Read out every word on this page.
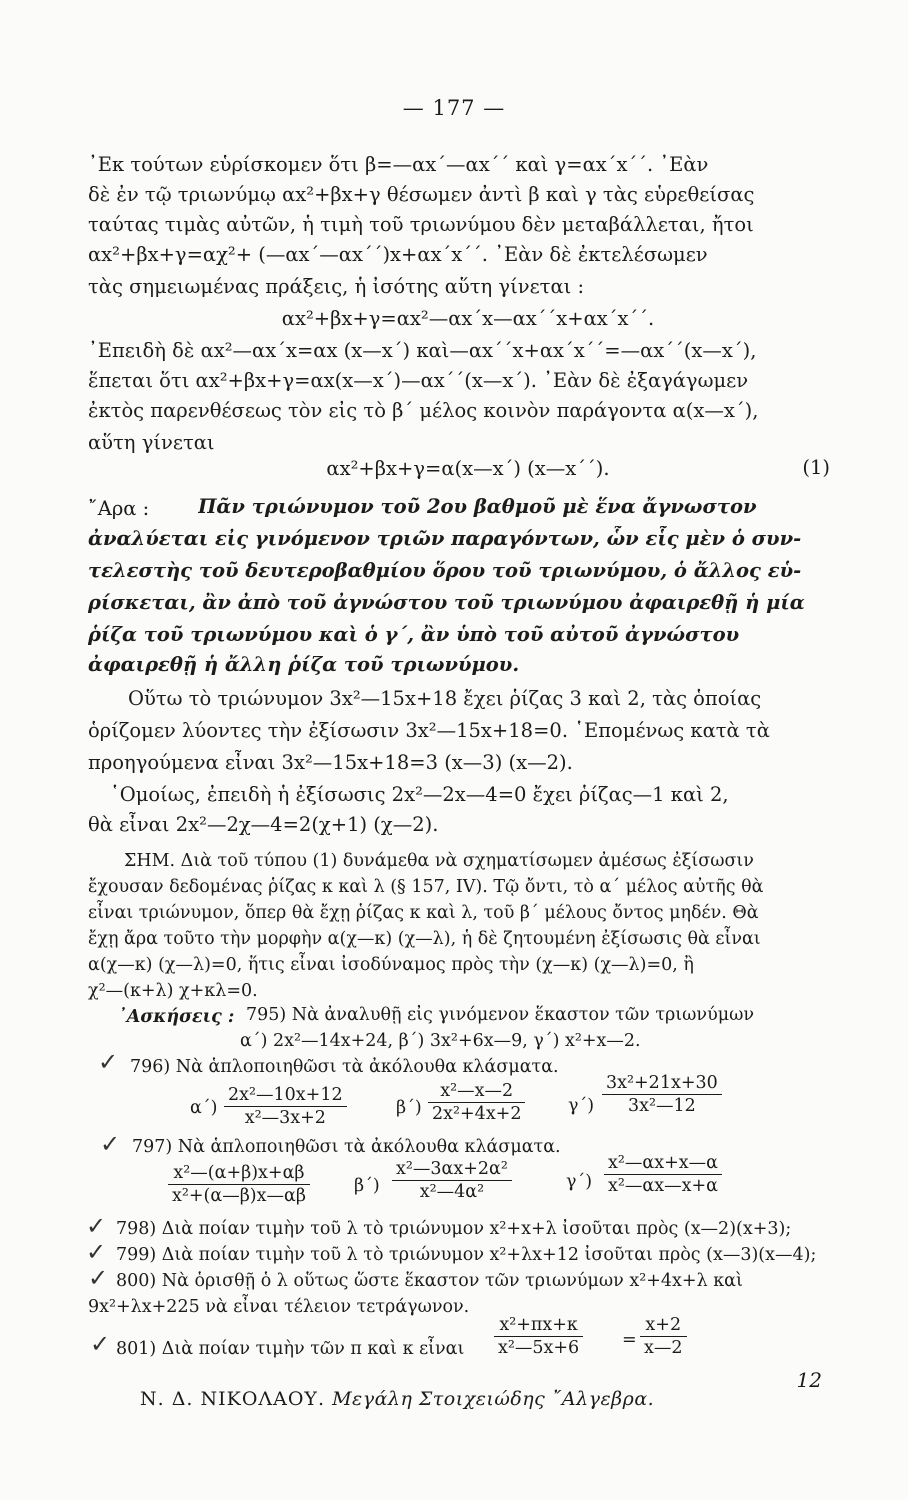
— 177 —
᾿Εκ τούτων εὑρίσκομεν ὅτι β=—αx΄—αx΄΄ καὶ γ=αx΄x΄΄. ᾿Εὰν
δὲ ἐν τῷ τριωνύμῳ αx²+βx+γ θέσωμεν ἀντὶ β καὶ γ τὰς εὑρεθείσας
ταύτας τιμὰς αὐτῶν, ἡ τιμὴ τοῦ τριωνύμου δὲν μεταβάλλεται, ἤτοι
αx²+βx+γ=αχ²+ (—αx΄—αx΄΄)x+αx΄x΄΄. ᾿Εὰν δὲ ἐκτελέσωμεν
τὰς σημειωμένας πράξεις, ἡ ἰσότης αὕτη γίνεται :
αx²+βx+γ=αx²—αx΄x—αx΄΄x+αx΄x΄΄.
᾿Επειδὴ δὲ αx²—αx΄x=αx (x—x΄) καὶ—αx΄΄x+αx΄x΄΄=—αx΄΄(x—x΄),
ἕπεται ὅτι αx²+βx+γ=αx(x—x΄)—αx΄΄(x—x΄). ᾿Εὰν δὲ ἐξαγάγωμεν
ἐκτὸς παρενθέσεως τὸν εἰς τὸ β΄ μέλος κοινὸν παράγοντα α(x—x΄),
αὕτη γίνεται
αx²+βx+γ=α(x—x΄) (x—x΄΄).	(1)
῎Αρα :	Πᾶν τριώνυμον τοῦ 2ου βαθμοῦ μὲ ἕνα ἄγνωστον
ἀναλύεται εἰς γινόμενον τριῶν παραγόντων, ὧν εἷς μὲν ὁ συν-
τελεστὴς τοῦ δευτεροβαθμίου ὅρου τοῦ τριωνύμου, ὁ ἄλλος εὑ-
ρίσκεται, ἂν ἀπὸ τοῦ ἀγνώστου τοῦ τριωνύμου ἀφαιρεθῇ ἡ μία
ῥίζα τοῦ τριωνύμου καὶ ὁ γ΄, ἂν ὑπὸ τοῦ αὐτοῦ ἀγνώστου
ἀφαιρεθῇ ἡ ἄλλη ῥίζα τοῦ τριωνύμου.
Οὕτω τὸ τριώνυμον 3x²—15x+18 ἔχει ῥίζας 3 καὶ 2, τὰς ὁποίας
ὁρίζομεν λύοντες τὴν ἐξίσωσιν 3x²—15x+18=0. ῾Επομένως κατὰ τὰ
προηγούμενα εἶναι 3x²—15x+18=3 (x—3) (x—2).
῾Ομοίως, ἐπειδὴ ἡ ἐξίσωσις 2x²—2x—4=0 ἔχει ῥίζας—1 καὶ 2,
θὰ εἶναι 2x²—2χ—4=2(χ+1) (χ—2).
ΣΗΜ. Διὰ τοῦ τύπου (1) δυνάμεθα νὰ σχηματίσωμεν ἀμέσως ἐξίσωσιν
ἔχουσαν δεδομένας ῥίζας κ καὶ λ (§ 157, IV). Τῷ ὄντι, τὸ α΄ μέλος αὐτῆς θὰ
εἶναι τριώνυμον, ὅπερ θὰ ἔχῃ ῥίζας κ καὶ λ, τοῦ β΄ μέλους ὄντος μηδέν. Θὰ
ἔχῃ ἄρα τοῦτο τὴν μορφὴν α(χ—κ) (χ—λ), ἡ δὲ ζητουμένη ἐξίσωσις θὰ εἶναι
α(χ—κ) (χ—λ)=0, ἥτις εἶναι ἰσοδύναμος πρὸς τὴν (χ—κ) (χ—λ)=0, ἢ
χ²—(κ+λ) χ+κλ=0.
᾿Ασκήσεις : 795) Νὰ ἀναλυθῇ εἰς γινόμενον ἕκαστον τῶν τριωνύμων
α΄) 2x²—14x+24, β΄) 3x²+6x—9, γ΄) x²+x—2.
✓ 796) Νὰ ἁπλοποιηθῶσι τὰ ἀκόλουθα κλάσματα.
$\alpha΄) \frac{\text{2x²—10x+12}}{\text{x²—3x+2}}$	$\beta΄) \frac{\text{x²—x—2}}{\text{2x²+4x+2}} \gamma΄) \frac{\text{3x²+21x+30}}{\text{3x²—12}}$
✓ 797) Νὰ ἁπλοποιηθῶσι τὰ ἀκόλουθα κλάσματα.
$\frac{\text{x²—(α+β)x+αβ}}{\text{x²+(α—β)x—αβ}}$	$\beta΄) \frac{\text{x²—3αx+2α²}}{\text{x²—4α²}}$	$\gamma΄) \frac{\text{x²—αx+x—α}}{\text{x²—αx—x+α}}$
✓ 798) Διὰ ποίαν τιμὴν τοῦ λ τὸ τριώνυμον x²+x+λ ἰσοῦται πρὸς (x—2)(x+3);
✓ 799) Διὰ ποίαν τιμὴν τοῦ λ τὸ τριώνυμον x²+λx+12 ἰσοῦται πρὸς (x—3)(x—4);
✓ 800) Νὰ ὁρισθῇ ὁ λ οὕτως ὥστε ἕκαστον τῶν τριωνύμων x²+4x+λ καὶ
9x²+λx+225 νὰ εἶναι τέλειον τετράγωνον.
✓ 801) Διὰ ποίαν τιμὴν τῶν π καὶ κ εἶναι	$\frac{\text{x²+πx+κ}}{\text{x²—5x+6}} = \frac{x+2}{x—2}$
Ν. Δ. ΝΙΚΟΛΑΟΥ. Μεγάλη Στοιχειώδης ῎Αλγεβρα.
12
